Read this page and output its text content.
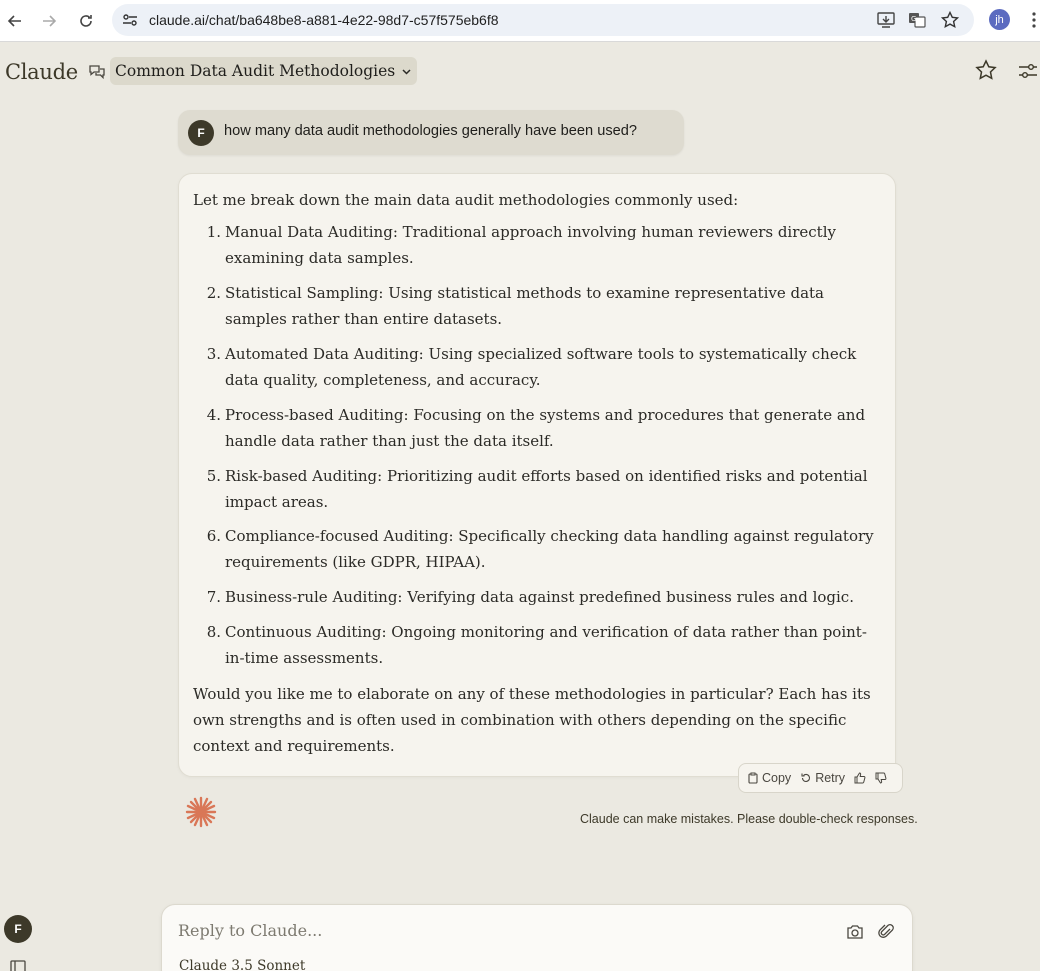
claude.ai/chat/ba648be8-a881-4e22-98d7-c57f575eb6f8	G	jh
Claude	Common Data Audit Methodologies
F	how many data audit methodologies generally have been used?
Let me break down the main data audit methodologies commonly used:
1. Manual Data Auditing: Traditional approach involving human reviewers directly
examining data samples.
2. Statistical Sampling: Using statistical methods to examine representative data
samples rather than entire datasets.
3. Automated Data Auditing: Using specialized software tools to systematically check
data quality, completeness, and accuracy.
4. Process-based Auditing: Focusing on the systems and procedures that generate and
handle data rather than just the data itself.
5. Risk-based Auditing: Prioritizing audit efforts based on identified risks and potential
impact areas.
6. Compliance-focused Auditing: Specifically checking data handling against regulatory
requirements (like GDPR, HIPAA).
7. Business-rule Auditing: Verifying data against predefined business rules and logic.
8. Continuous Auditing: Ongoing monitoring and verification of data rather than point-
in-time assessments.
Would you like me to elaborate on any of these methodologies in particular? Each has its
own strengths and is often used in combination with others depending on the specific
context and requirements.
Copy Retry
Claude can make mistakes. Please double-check responses.
F
Reply to Claude...
Claude 3.5 Sonnet
